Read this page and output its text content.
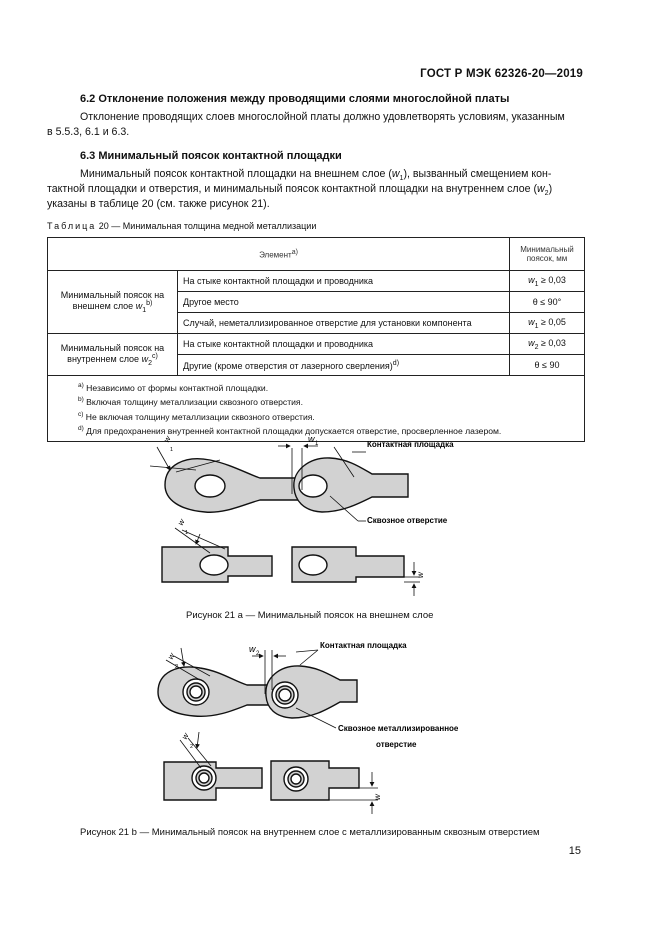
ГОСТ Р МЭК 62326-20—2019
6.2 Отклонение положения между проводящими слоями многослойной платы
Отклонение проводящих слоев многослойной платы должно удовлетворять условиям, указанным
в 5.5.3, 6.1 и 6.3.
6.3 Минимальный поясок контактной площадки
Минимальный поясок контактной площадки на внешнем слое $(w_1)$, вызванный смещением кон-
тактной площадки и отверстия, и минимальный поясок контактной площадки на внутреннем слое $(w_2)$
указаны в таблице 20 (см. также рисунок 21).
Таблица 20 — Минимальная толщина медной металлизации
Элемент$^{a)}$		Минимальный
поясок, мм
Минимальный поясок на
внешнем слое $w_1^{b)}$	На стыке контактной площадки и проводника	$w_1 \ge 0,03$
	Другое место	θ ≤ 90°
	Случай, неметаллизированное отверстие для установки компонента	$w_1 \ge 0,05$
Минимальный поясок на
внутреннем слое $w_2^{c)}$	На стыке контактной площадки и проводника	$w_2 \ge 0,03$
	Другие (кроме отверстия от лазерного сверления)$^{d)}$	θ ≤ 90

$^{a)}$ Независимо от формы контактной площадки.
$^{b)}$ Включая толщину металлизации сквозного отверстия.
$^{c)}$ Не включая толщину металлизации сквозного отверстия.
$^{d)}$ Для предохранения внутренней контактной площадки допускается отверстие, просверленное лазером.		
w
1
w 1	Контактная площадка
Сквозное отверстие
w
1
w
w
2
w 2
Контактная площадка
Сквозное металлизированное
отверстие
w
2
w
Рисунок 21 а — Минимальный поясок на внешнем слое
Рисунок 21 b — Минимальный поясок на внутреннем слое с металлизированным сквозным отверстием
15
